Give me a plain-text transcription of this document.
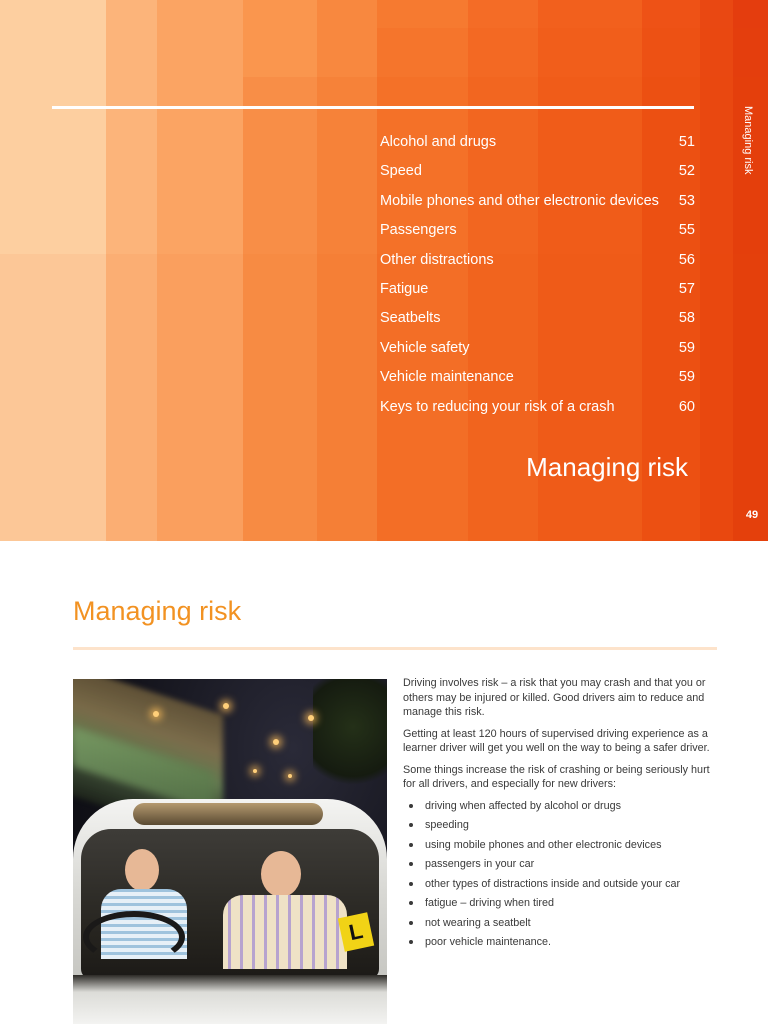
Alcohol and drugs	51
Speed	52
Mobile phones and other electronic devices 53
Passengers	55
Other distractions	56
Fatigue	57
Seatbelts	58
Vehicle safety	59
Vehicle maintenance	59
Keys to reducing your risk of a crash	60
Managing risk
Managing risk
49
Managing risk
L

Driving involves risk – a risk that you may crash and that you or others may be injured or killed. Good drivers aim to reduce and manage this risk.

Getting at least 120 hours of supervised driving experience as a learner driver will get you well on the way to being a safer driver.

Some things increase the risk of crashing or being seriously hurt for all drivers, and especially for new drivers:

driving when affected by alcohol or drugs
speeding
using mobile phones and other electronic devices
passengers in your car
other types of distractions inside and outside your car
fatigue – driving when tired
not wearing a seatbelt
poor vehicle maintenance.
